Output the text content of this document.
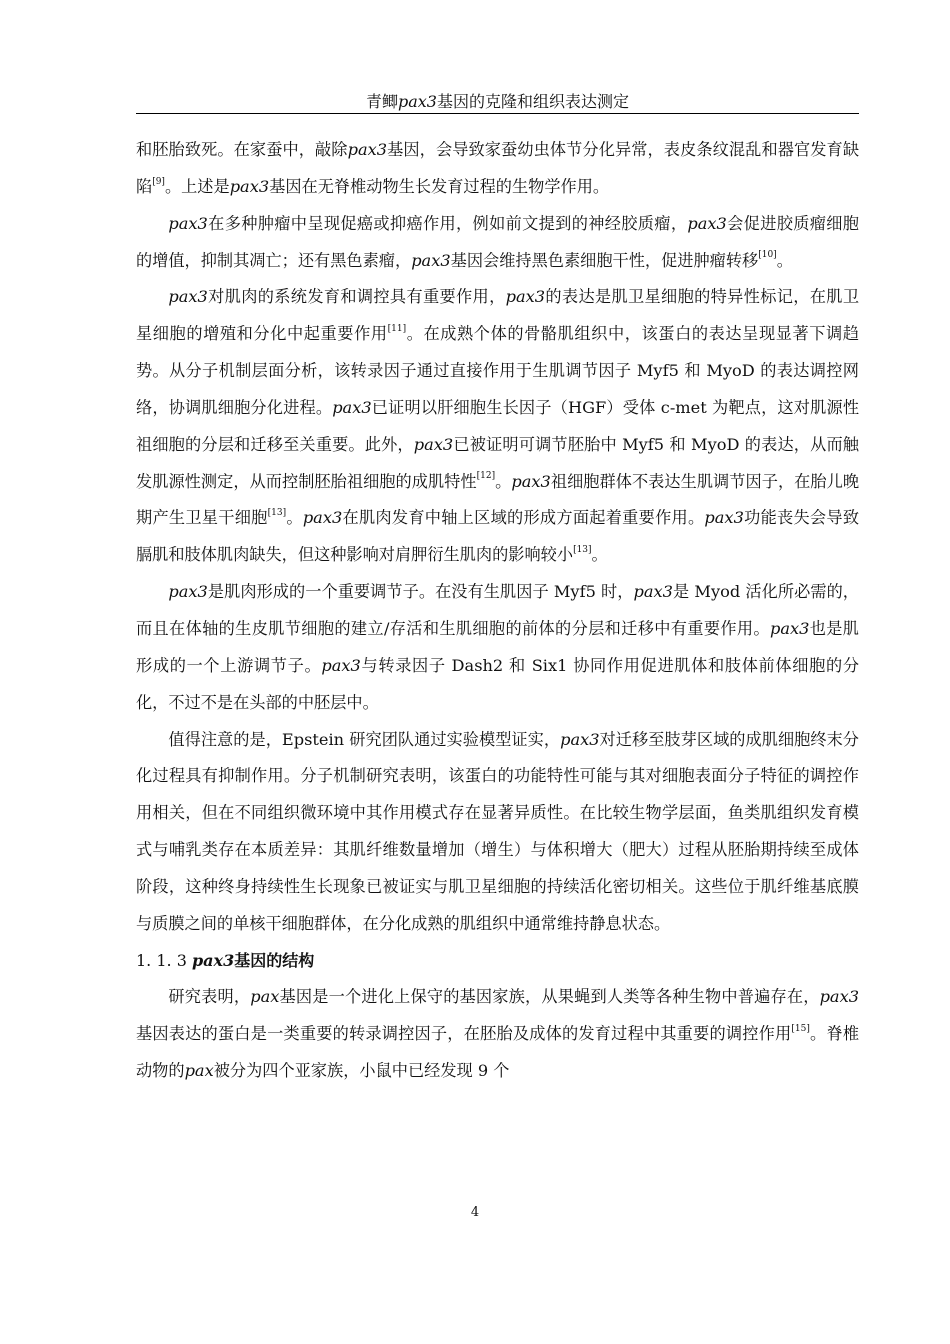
青鲫pax3基因的克隆和组织表达测定

和胚胎致死。在家蚕中，敲除pax3基因，会导致家蚕幼虫体节分化异常，表皮条纹混乱和器官发育缺陷[9]。上述是pax3基因在无脊椎动物生长发育过程的生物学作用。

pax3在多种肿瘤中呈现促癌或抑癌作用，例如前文提到的神经胶质瘤，pax3会促进胶质瘤细胞的增值，抑制其凋亡；还有黑色素瘤，pax3基因会维持黑色素细胞干性，促进肿瘤转移[10]。

pax3对肌肉的系统发育和调控具有重要作用，pax3的表达是肌卫星细胞的特异性标记，在肌卫星细胞的增殖和分化中起重要作用[11]。在成熟个体的骨骼肌组织中，该蛋白的表达呈现显著下调趋势。从分子机制层面分析，该转录因子通过直接作用于生肌调节因子 Myf5 和 MyoD 的表达调控网络，协调肌细胞分化进程。pax3已证明以肝细胞生长因子（HGF）受体 c-met 为靶点，这对肌源性祖细胞的分层和迁移至关重要。此外，pax3已被证明可调节胚胎中 Myf5 和 MyoD 的表达，从而触发肌源性测定，从而控制胚胎祖细胞的成肌特性[12]。pax3祖细胞群体不表达生肌调节因子，在胎儿晚期产生卫星干细胞[13]。pax3在肌肉发育中轴上区域的形成方面起着重要作用。pax3功能丧失会导致膈肌和肢体肌肉缺失，但这种影响对肩胛衍生肌肉的影响较小[13]。

pax3是肌肉形成的一个重要调节子。在没有生肌因子 Myf5 时，pax3是 Myod 活化所必需的，而且在体轴的生皮肌节细胞的建立/存活和生肌细胞的前体的分层和迁移中有重要作用。pax3也是肌形成的一个上游调节子。pax3与转录因子 Dash2 和 Six1 协同作用促进肌体和肢体前体细胞的分化，不过不是在头部的中胚层中。

值得注意的是，Epstein 研究团队通过实验模型证实，pax3对迁移至肢芽区域的成肌细胞终末分化过程具有抑制作用。分子机制研究表明，该蛋白的功能特性可能与其对细胞表面分子特征的调控作用相关，但在不同组织微环境中其作用模式存在显著异质性。在比较生物学层面，鱼类肌组织发育模式与哺乳类存在本质差异：其肌纤维数量增加（增生）与体积增大（肥大）过程从胚胎期持续至成体阶段，这种终身持续性生长现象已被证实与肌卫星细胞的持续活化密切相关。这些位于肌纤维基底膜与质膜之间的单核干细胞群体，在分化成熟的肌组织中通常维持静息状态。

1. 1. 3 pax3基因的结构

研究表明，pax基因是一个进化上保守的基因家族，从果蝇到人类等各种生物中普遍存在，pax3基因表达的蛋白是一类重要的转录调控因子，在胚胎及成体的发育过程中其重要的调控作用[15]。脊椎动物的pax被分为四个亚家族，小鼠中已经发现 9 个

4
